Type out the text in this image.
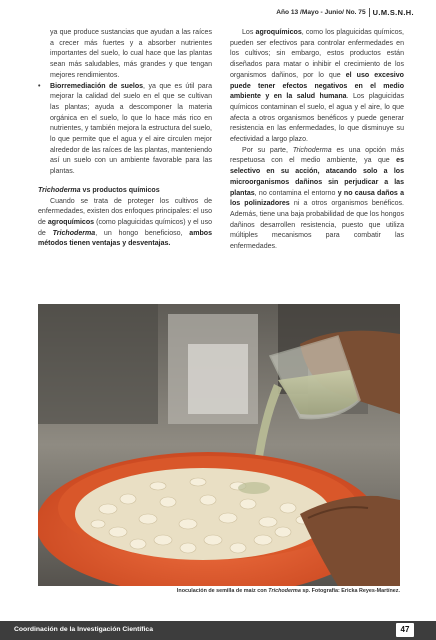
Año 13 /Mayo - Junio/ No. 75 U.M.S.N.H.

ya que produce sustancias que ayudan a las raíces a crecer más fuertes y a absorber nutrientes importantes del suelo, lo cual hace que las plantas sean más saludables, más grandes y que tengan mejores rendimientos.

• Biorremediación de suelos, ya que es útil para mejorar la calidad del suelo en el que se cultivan las plantas; ayuda a descomponer la materia orgánica en el suelo, lo que lo hace más rico en nutrientes, y también mejora la estructura del suelo, lo que permite que el agua y el aire circulen mejor alrededor de las raíces de las plantas, manteniendo así un suelo con un ambiente favorable para las plantas.

Trichoderma vs productos químicos

Cuando se trata de proteger los cultivos de enfermedades, existen dos enfoques principales: el uso de agroquímicos (como plaguicidas químicos) y el uso de Trichoderma, un hongo beneficioso, ambos métodos tienen ventajas y desventajas.

Los agroquímicos, como los plaguicidas químicos, pueden ser efectivos para controlar enfermedades en los cultivos; sin embargo, estos productos están diseñados para matar o inhibir el crecimiento de los organismos dañinos, por lo que el uso excesivo puede tener efectos negativos en el medio ambiente y en la salud humana. Los plaguicidas químicos contaminan el suelo, el agua y el aire, lo que afecta a otros organismos benéficos y puede generar resistencia en las enfermedades, lo que disminuye su efectividad a largo plazo.

Por su parte, Trichoderma es una opción más respetuosa con el medio ambiente, ya que es selectivo en su acción, atacando solo a los microorganismos dañinos sin perjudicar a las plantas, no contamina el entorno y no causa daños a los polinizadores ni a otros organismos benéficos. Además, tiene una baja probabilidad de que los hongos dañinos desarrollen resistencia, puesto que utiliza múltiples mecanismos para combatir las enfermedades.

Inoculación de semilla de maíz con Trichoderma sp. Fotografía: Ericka Reyes-Martínez.
Coordinación de la Investigación Científica	47
